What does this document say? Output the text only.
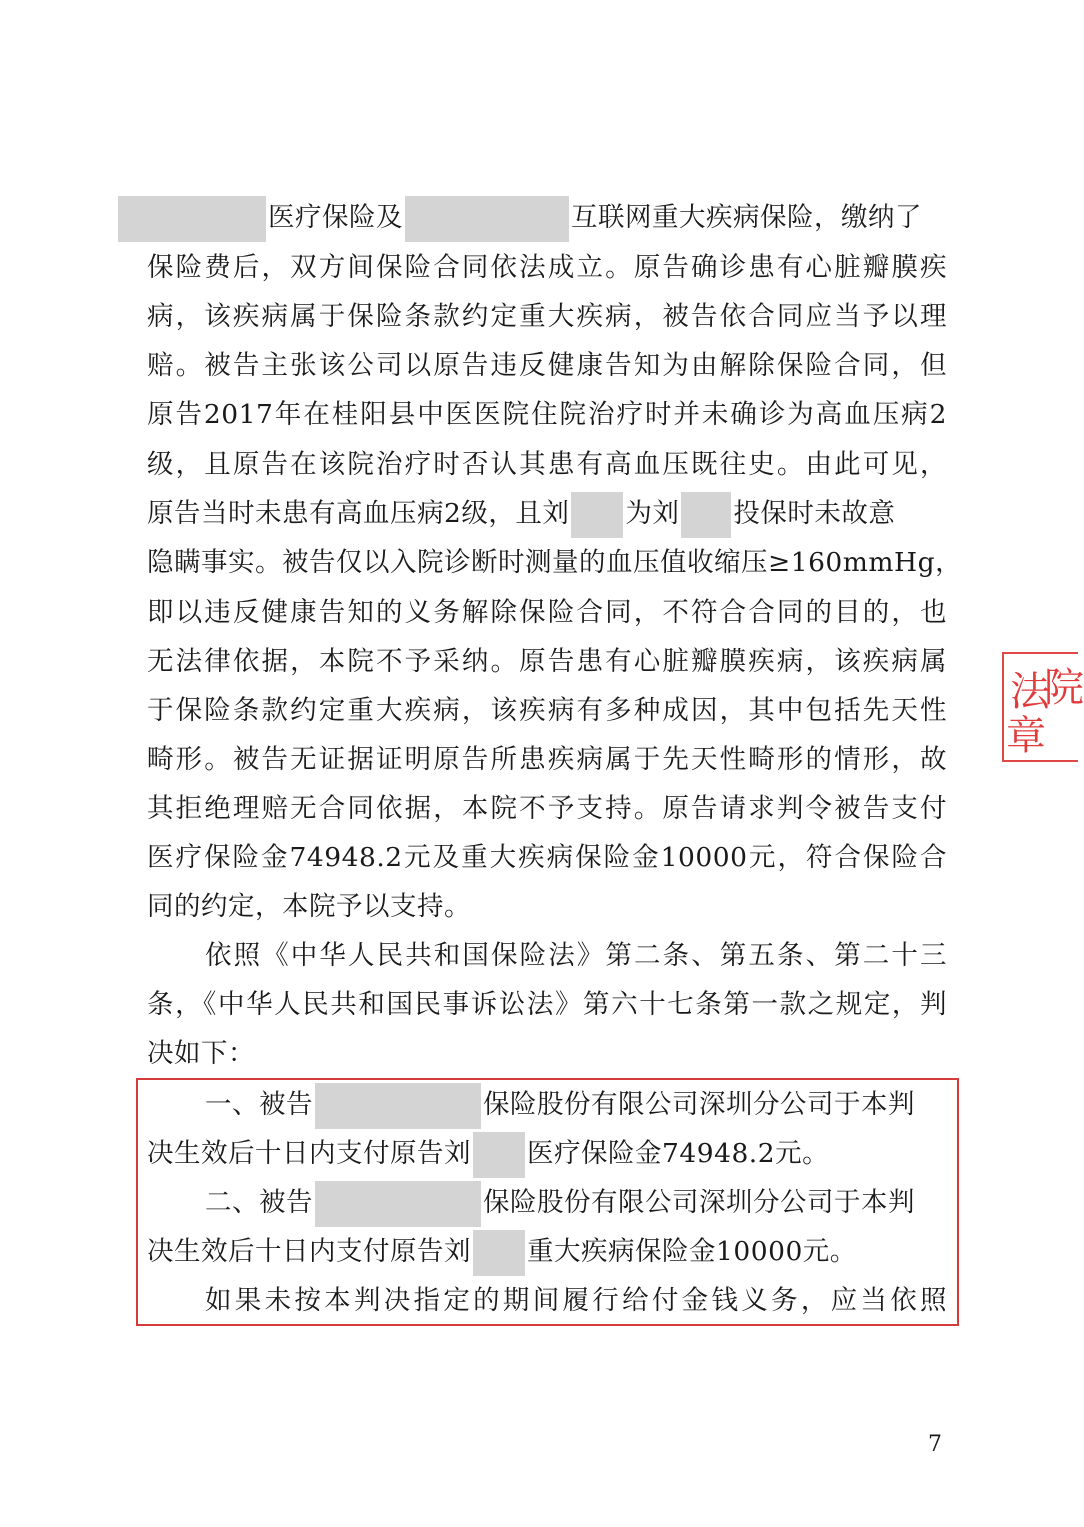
医疗保险及	互联网重大疾病保险，缴纳了
保险费后，双方间保险合同依法成立。原告确诊患有心脏瓣膜疾
病，该疾病属于保险条款约定重大疾病，被告依合同应当予以理
赔。被告主张该公司以原告违反健康告知为由解除保险合同，但
原告2017年在桂阳县中医医院住院治疗时并未确诊为高血压病2
级，且原告在该院治疗时否认其患有高血压既往史。由此可见，
原告当时未患有高血压病2级，且刘 为刘 投保时未故意
隐瞒事实。被告仅以入院诊断时测量的血压值收缩压≥160mmHg，
即以违反健康告知的义务解除保险合同，不符合合同的目的，也
无法律依据，本院不予采纳。原告患有心脏瓣膜疾病，该疾病属
于保险条款约定重大疾病，该疾病有多种成因，其中包括先天性
畸形。被告无证据证明原告所患疾病属于先天性畸形的情形，故
其拒绝理赔无合同依据，本院不予支持。原告请求判令被告支付
医疗保险金74948.2元及重大疾病保险金10000元，符合保险合
同的约定，本院予以支持。
依照《中华人民共和国保险法》第二条、第五条、第二十三
条，《中华人民共和国民事诉讼法》第六十七条第一款之规定，判
决如下：
一、被告	保险股份有限公司深圳分公司于本判
决生效后十日内支付原告刘 医疗保险金74948.2元。
二、被告	保险股份有限公司深圳分公司于本判
决生效后十日内支付原告刘 重大疾病保险金10000元。
如果未按本判决指定的期间履行给付金钱义务，应当依照
法
院
章
7
